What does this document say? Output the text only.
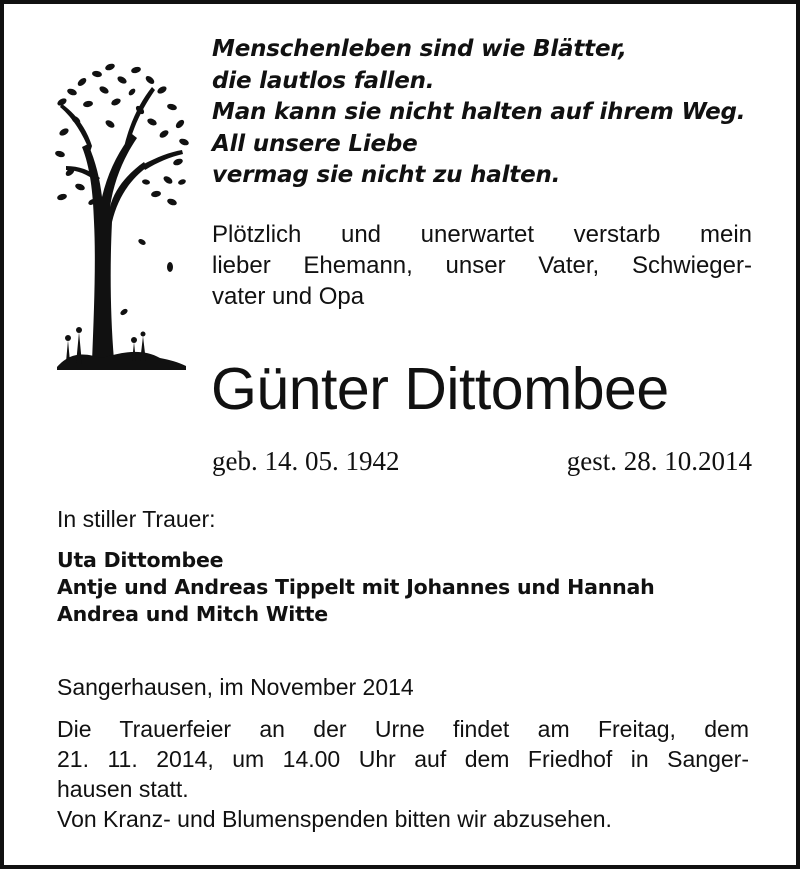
Menschenleben sind wie Blätter,
die lautlos fallen.
Man kann sie nicht halten auf ihrem Weg.
All unsere Liebe
vermag sie nicht zu halten.
Plötzlich und unerwartet verstarb mein
lieber Ehemann, unser Vater, Schwieger-
vater und Opa
Günter Dittombee
geb. 14. 05. 1942	gest. 28. 10.2014
In stiller Trauer:
Uta Dittombee
Antje und Andreas Tippelt mit Johannes und Hannah
Andrea und Mitch Witte
Sangerhausen, im November 2014
Die Trauerfeier an der Urne findet am Freitag, dem
21. 11. 2014, um 14.00 Uhr auf dem Friedhof in Sanger-
hausen statt.
Von Kranz- und Blumenspenden bitten wir abzusehen.
